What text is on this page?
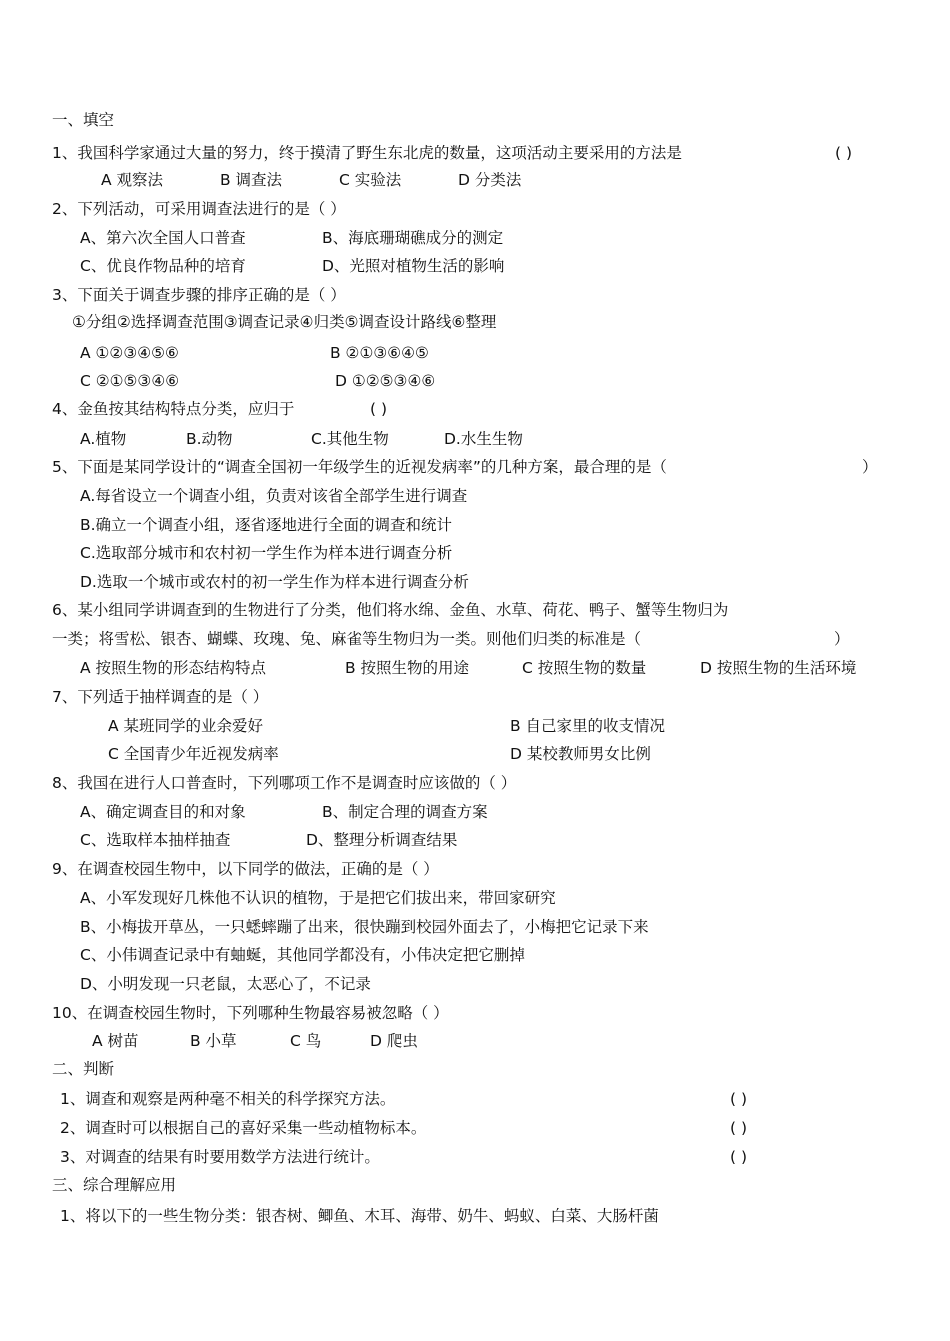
一、填空
1、我国科学家通过大量的努力，终于摸清了野生东北虎的数量，这项活动主要采用的方法是	( )
A 观察法	B 调查法	C 实验法	D 分类法
2、下列活动，可采用调查法进行的是（ ）
A、第六次全国人口普查	B、海底珊瑚礁成分的测定
C、优良作物品种的培育	D、光照对植物生活的影响
3、下面关于调查步骤的排序正确的是（ ）
①分组②选择调查范围③调查记录④归类⑤调查设计路线⑥整理
A ①②③④⑤⑥	B ②①③⑥④⑤
C ②①⑤③④⑥	D ①②⑤③④⑥
4、金鱼按其结构特点分类，应归于	( )
A.植物	B.动物	C.其他生物	D.水生生物
5、下面是某同学设计的“调查全国初一年级学生的近视发病率”的几种方案，最合理的是（	）
A.每省设立一个调查小组，负责对该省全部学生进行调查
B.确立一个调查小组，逐省逐地进行全面的调查和统计
C.选取部分城市和农村初一学生作为样本进行调查分析
D.选取一个城市或农村的初一学生作为样本进行调查分析
6、某小组同学讲调查到的生物进行了分类，他们将水绵、金鱼、水草、荷花、鸭子、蟹等生物归为
一类；将雪松、银杏、蝴蝶、玫瑰、兔、麻雀等生物归为一类。则他们归类的标准是（	）
A 按照生物的形态结构特点	B 按照生物的用途	C 按照生物的数量	D 按照生物的生活环境
7、下列适于抽样调查的是（ ）
A 某班同学的业余爱好	B 自己家里的收支情况
C 全国青少年近视发病率	D 某校教师男女比例
8、我国在进行人口普查时，下列哪项工作不是调查时应该做的（ ）
A、确定调查目的和对象	B、制定合理的调查方案
C、选取样本抽样抽查	D、整理分析调查结果
9、在调查校园生物中，以下同学的做法，正确的是（ ）
A、小军发现好几株他不认识的植物，于是把它们拔出来，带回家研究
B、小梅拔开草丛，一只蟋蟀蹦了出来，很快蹦到校园外面去了，小梅把它记录下来
C、小伟调查记录中有蚰蜒，其他同学都没有，小伟决定把它删掉
D、小明发现一只老鼠，太恶心了，不记录
10、在调查校园生物时，下列哪种生物最容易被忽略（ ）
A 树苗	B 小草	C 鸟	D 爬虫
二、判断
1、调查和观察是两种毫不相关的科学探究方法。	( )
2、调查时可以根据自己的喜好采集一些动植物标本。	( )
3、对调查的结果有时要用数学方法进行统计。	( )
三、综合理解应用
1、将以下的一些生物分类：银杏树、鲫鱼、木耳、海带、奶牛、蚂蚁、白菜、大肠杆菌
